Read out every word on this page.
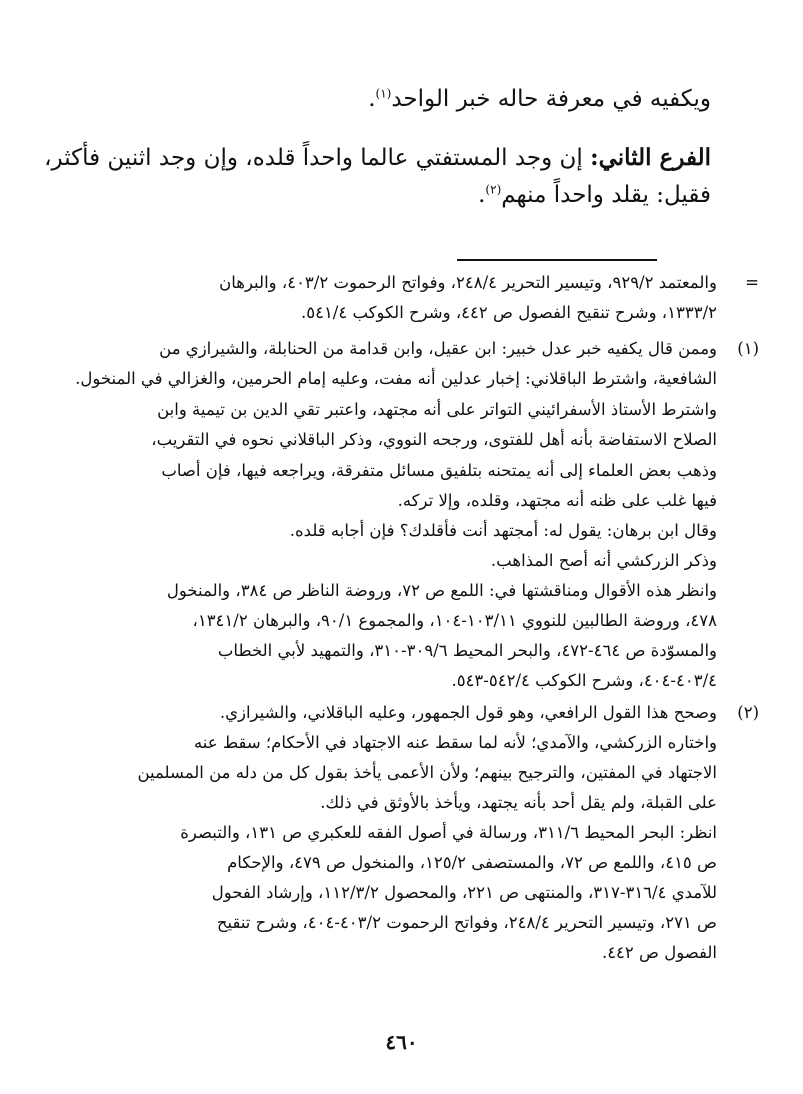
ويكفيه في معرفة حاله خبر الواحد$^{(١)}$.
الفرع الثاني: إن وجد المستفتي عالما واحداً قلده، وإن وجد اثنين فأكثر،
فقيل: يقلد واحداً منهم$^{(٢)}$.
=
والمعتمد ٩٢٩/٢، وتيسير التحرير ٢٤٨/٤، وفواتح الرحموت ٤٠٣/٢، والبرهان
١٣٣٣/٢، وشرح تنقيح الفصول ص ٤٤٢، وشرح الكوكب ٥٤١/٤.
(١)
وممن قال يكفيه خبر عدل خبير: ابن عقيل، وابن قدامة من الحنابلة، والشيرازي من
الشافعية، واشترط الباقلاني: إخبار عدلين أنه مفت، وعليه إمام الحرمين، والغزالي في المنخول.
واشترط الأستاذ الأسفرائيني التواتر على أنه مجتهد، واعتبر تقي الدين بن تيمية وابن
الصلاح الاستفاضة بأنه أهل للفتوى، ورجحه النووي، وذكر الباقلاني نحوه في التقريب،
وذهب بعض العلماء إلى أنه يمتحنه بتلفيق مسائل متفرقة، ويراجعه فيها، فإن أصاب
فيها غلب على ظنه أنه مجتهد، وقلده، وإلا تركه.
وقال ابن برهان: يقول له: أمجتهد أنت فأقلدك؟ فإن أجابه قلده.
وذكر الزركشي أنه أصح المذاهب.
وانظر هذه الأقوال ومناقشتها في: اللمع ص ٧٢، وروضة الناظر ص ٣٨٤، والمنخول
٤٧٨، وروضة الطالبين للنووي ١٠٣/١١-١٠٤، والمجموع ٩٠/١، والبرهان ١٣٤١/٢،
والمسوّدة ص ٤٦٤-٤٧٢، والبحر المحيط ٣٠٩/٦-٣١٠، والتمهيد لأبي الخطاب
٤٠٣/٤-٤٠٤، وشرح الكوكب ٥٤٢/٤-٥٤٣.
(٢)
وصحح هذا القول الرافعي، وهو قول الجمهور، وعليه الباقلاني، والشيرازي.
واختاره الزركشي، والآمدي؛ لأنه لما سقط عنه الاجتهاد في الأحكام؛ سقط عنه
الاجتهاد في المفتين، والترجيح بينهم؛ ولأن الأعمى يأخذ بقول كل من دله من المسلمين
على القبلة، ولم يقل أحد بأنه يجتهد، ويأخذ بالأوثق في ذلك.
انظر: البحر المحيط ٣١١/٦، ورسالة في أصول الفقه للعكبري ص ١٣١، والتبصرة
ص ٤١٥، واللمع ص ٧٢، والمستصفى ١٢٥/٢، والمنخول ص ٤٧٩، والإحكام
للآمدي ٣١٦/٤-٣١٧، والمنتهى ص ٢٢١، والمحصول ١١٢/٣/٢، وإرشاد الفحول
ص ٢٧١، وتيسير التحرير ٢٤٨/٤، وفواتح الرحموت ٤٠٣/٢-٤٠٤، وشرح تنقيح
الفصول ص ٤٤٢.
٤٦٠
